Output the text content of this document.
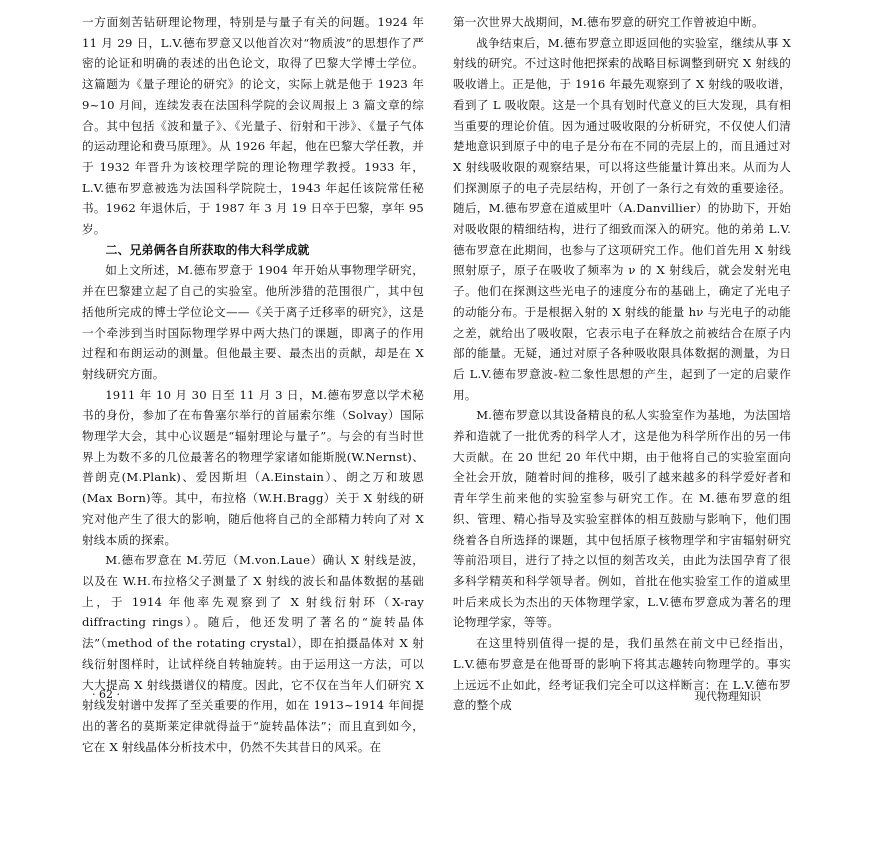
一方面刻苦钻研理论物理，特别是与量子有关的问题。1924 年 11 月 29 日，L.V.德布罗意又以他首次对“物质波”的思想作了严密的论证和明确的表述的出色论文，取得了巴黎大学博士学位。这篇题为《量子理论的研究》的论文，实际上就是他于 1923 年 9~10 月间，连续发表在法国科学院的会议周报上 3 篇文章的综合。其中包括《波和量子》、《光量子、衍射和干涉》、《量子气体的运动理论和费马原理》。从 1926 年起，他在巴黎大学任教，并于 1932 年晋升为该校理学院的理论物理学教授。1933 年，L.V.德布罗意被选为法国科学院院士，1943 年起任该院常任秘书。1962 年退休后，于 1987 年 3 月 19 日卒于巴黎，享年 95 岁。

二、兄弟俩各自所获取的伟大科学成就

如上文所述，M.德布罗意于 1904 年开始从事物理学研究，并在巴黎建立起了自己的实验室。他所涉猎的范围很广，其中包括他所完成的博士学位论文——《关于离子迁移率的研究》，这是一个牵涉到当时国际物理学界中两大热门的课题，即离子的作用过程和布朗运动的测量。但他最主要、最杰出的贡献，却是在 X 射线研究方面。

1911 年 10 月 30 日至 11 月 3 日，M.德布罗意以学术秘书的身份，参加了在布鲁塞尔举行的首届索尔维（Solvay）国际物理学大会，其中心议题是“辐射理论与量子”。与会的有当时世界上为数不多的几位最著名的物理学家诸如能斯脱(W.Nernst)、普朗克(M.Plank)、爱因斯坦（A.Einstain）、朗之万和玻恩(Max Born)等。其中，布拉格（W.H.Bragg）关于 X 射线的研究对他产生了很大的影响，随后他将自己的全部精力转向了对 X 射线本质的探索。

M.德布罗意在 M.劳厄（M.von.Laue）确认 X 射线是波，以及在 W.H.布拉格父子测量了 X 射线的波长和晶体数据的基础上，于 1914 年他率先观察到了 X 射线衍射环（X-ray diffracting rings）。随后，他还发明了著名的“旋转晶体法”（method of the rotating crystal），即在拍摄晶体对 X 射线衍射图样时，让试样绕自转轴旋转。由于运用这一方法，可以大大提高 X 射线摄谱仪的精度。因此，它不仅在当年人们研究 X 射线发射谱中发挥了至关重要的作用，如在 1913~1914 年间提出的著名的莫斯莱定律就得益于“旋转晶体法”；而且直到如今，它在 X 射线晶体分析技术中，仍然不失其昔日的风采。在

第一次世界大战期间，M.德布罗意的研究工作曾被迫中断。

战争结束后，M.德布罗意立即返回他的实验室，继续从事 X 射线的研究。不过这时他把探索的战略目标调整到研究 X 射线的吸收谱上。正是他，于 1916 年最先观察到了 X 射线的吸收谱，看到了 L 吸收限。这是一个具有划时代意义的巨大发现，具有相当重要的理论价值。因为通过吸收限的分析研究，不仅使人们清楚地意识到原子中的电子是分布在不同的壳层上的，而且通过对 X 射线吸收限的观察结果，可以将这些能量计算出来。从而为人们探测原子的电子壳层结构，开创了一条行之有效的重要途径。随后，M.德布罗意在道威里叶（A.Danvillier）的协助下，开始对吸收限的精细结构，进行了细致而深入的研究。他的弟弟 L.V.德布罗意在此期间，也参与了这项研究工作。他们首先用 X 射线照射原子，原子在吸收了频率为 ν 的 X 射线后，就会发射光电子。他们在探测这些光电子的速度分布的基础上，确定了光电子的动能分布。于是根据入射的 X 射线的能量 hν 与光电子的动能之差，就给出了吸收限，它表示电子在释放之前被结合在原子内部的能量。无疑，通过对原子各种吸收限具体数据的测量，为日后 L.V.德布罗意波-粒二象性思想的产生，起到了一定的启蒙作用。

M.德布罗意以其设备精良的私人实验室作为基地，为法国培养和造就了一批优秀的科学人才，这是他为科学所作出的另一伟大贡献。在 20 世纪 20 年代中期，由于他将自己的实验室面向全社会开放，随着时间的推移，吸引了越来越多的科学爱好者和青年学生前来他的实验室参与研究工作。在 M.德布罗意的组织、管理、精心指导及实验室群体的相互鼓励与影响下，他们围绕着各自所选择的课题，其中包括原子核物理学和宇宙辐射研究等前沿项目，进行了持之以恒的刻苦攻关，由此为法国孕育了很多科学精英和科学领导者。例如，首批在他实验室工作的道威里叶后来成长为杰出的天体物理学家，L.V.德布罗意成为著名的理论物理学家，等等。

在这里特别值得一提的是，我们虽然在前文中已经指出，L.V.德布罗意是在他哥哥的影响下将其志趣转向物理学的。事实上远远不止如此，经考证我们完全可以这样断言：在 L.V.德布罗意的整个成

· 62 ·	现代物理知识
